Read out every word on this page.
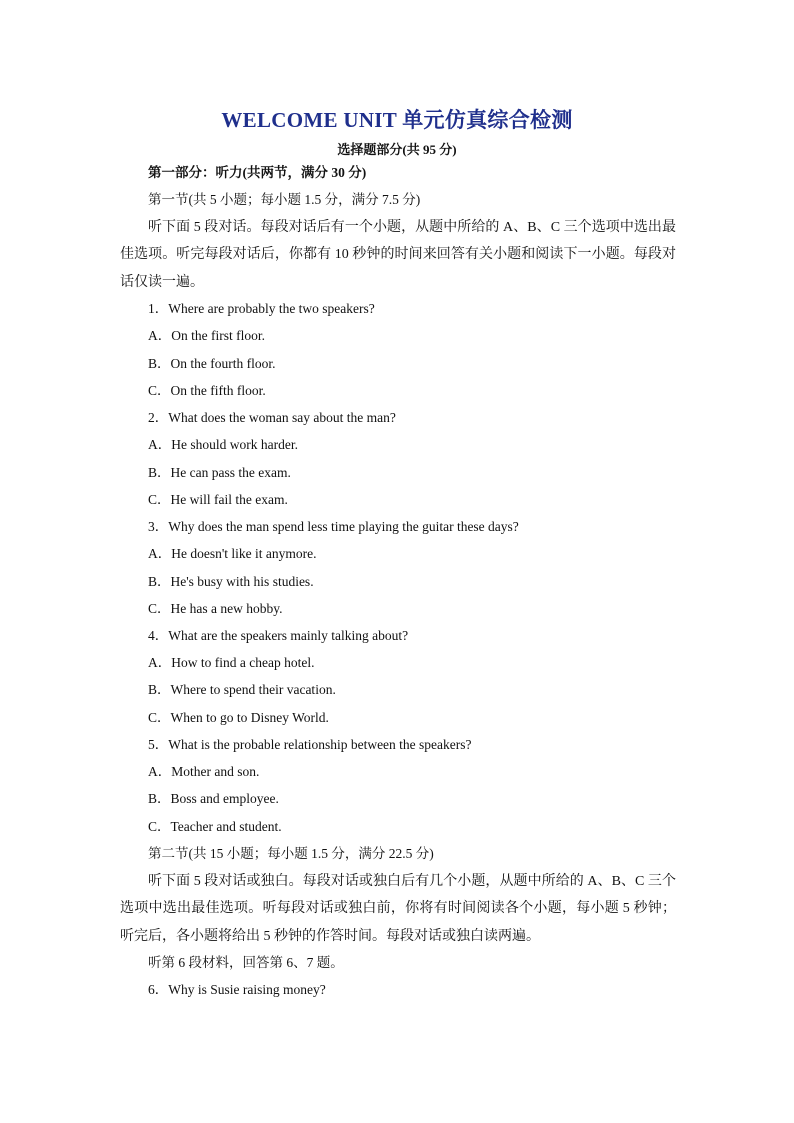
WELCOME UNIT 单元仿真综合检测
选择题部分(共 95 分)
第一部分：听力(共两节，满分 30 分)
第一节(共 5 小题；每小题 1.5 分，满分 7.5 分)
听下面 5 段对话。每段对话后有一个小题，从题中所给的 A、B、C 三个选项中选出最佳选项。听完每段对话后，你都有 10 秒钟的时间来回答有关小题和阅读下一小题。每段对话仅读一遍。
1．Where are probably the two speakers?
A．On the first floor.
B．On the fourth floor.
C．On the fifth floor.
2．What does the woman say about the man?
A．He should work harder.
B．He can pass the exam.
C．He will fail the exam.
3．Why does the man spend less time playing the guitar these days?
A．He doesn't like it anymore.
B．He's busy with his studies.
C．He has a new hobby.
4．What are the speakers mainly talking about?
A．How to find a cheap hotel.
B．Where to spend their vacation.
C．When to go to Disney World.
5．What is the probable relationship between the speakers?
A．Mother and son.
B．Boss and employee.
C．Teacher and student.
第二节(共 15 小题；每小题 1.5 分，满分 22.5 分)
听下面 5 段对话或独白。每段对话或独白后有几个小题，从题中所给的 A、B、C 三个选项中选出最佳选项。听每段对话或独白前，你将有时间阅读各个小题，每小题 5 秒钟；听完后，各小题将给出 5 秒钟的作答时间。每段对话或独白读两遍。
听第 6 段材料，回答第 6、7 题。
6．Why is Susie raising money?
